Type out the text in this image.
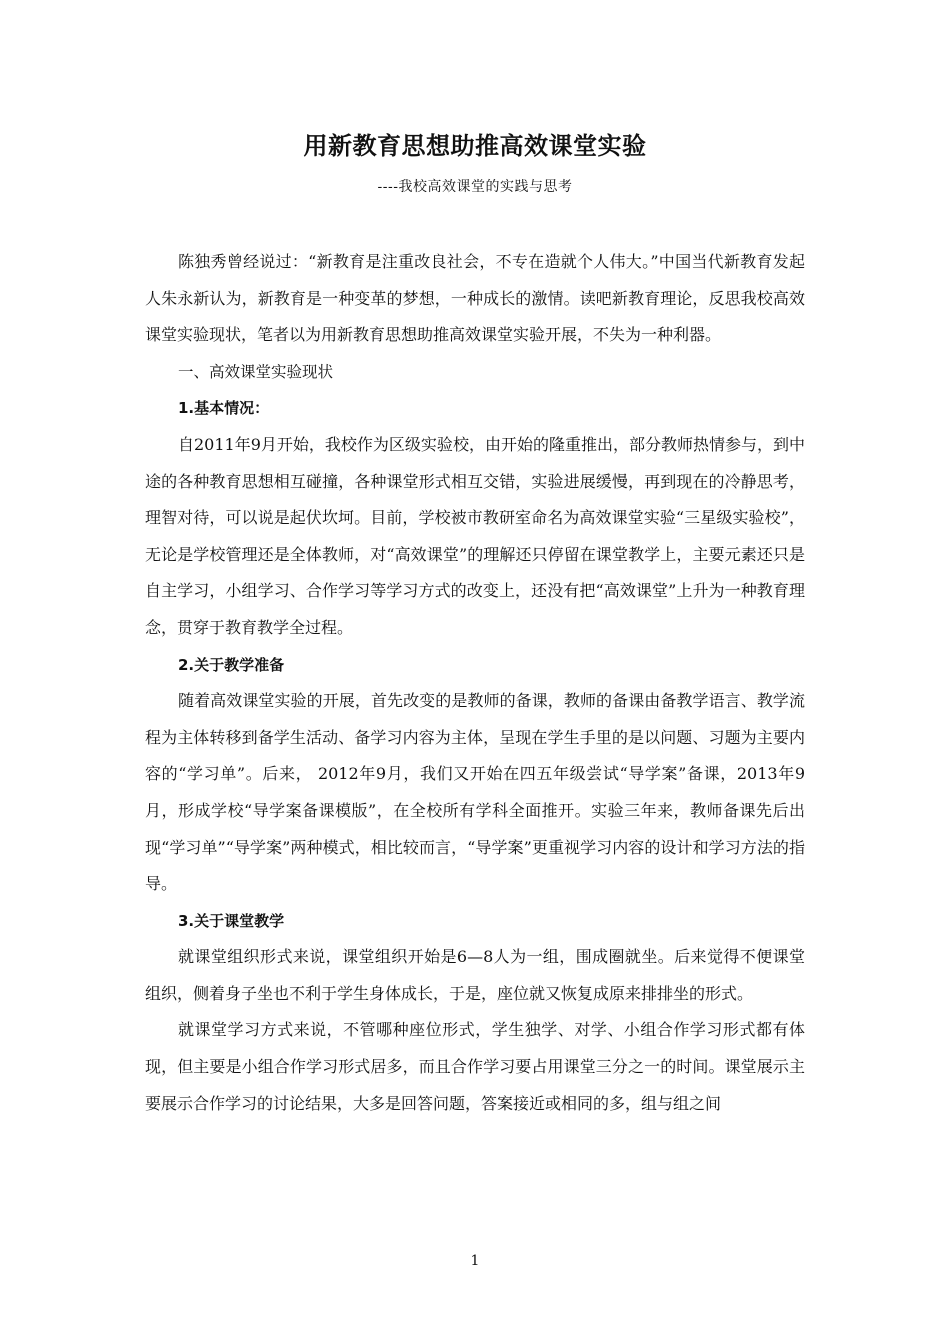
用新教育思想助推高效课堂实验
----我校高效课堂的实践与思考

陈独秀曾经说过：“新教育是注重改良社会，不专在造就个人伟大。”中国当代新教育发起人朱永新认为，新教育是一种变革的梦想，一种成长的激情。读吧新教育理论，反思我校高效课堂实验现状，笔者以为用新教育思想助推高效课堂实验开展，不失为一种利器。

一、高效课堂实验现状

1.基本情况：

自2011年9月开始，我校作为区级实验校，由开始的隆重推出，部分教师热情参与，到中途的各种教育思想相互碰撞，各种课堂形式相互交错，实验进展缓慢，再到现在的冷静思考，理智对待，可以说是起伏坎坷。目前，学校被市教研室命名为高效课堂实验“三星级实验校”，无论是学校管理还是全体教师，对“高效课堂”的理解还只停留在课堂教学上，主要元素还只是自主学习，小组学习、合作学习等学习方式的改变上，还没有把“高效课堂”上升为一种教育理念，贯穿于教育教学全过程。

2.关于教学准备

随着高效课堂实验的开展，首先改变的是教师的备课，教师的备课由备教学语言、教学流程为主体转移到备学生活动、备学习内容为主体，呈现在学生手里的是以问题、习题为主要内容的“学习单”。后来， 2012年9月，我们又开始在四五年级尝试“导学案”备课，2013年9月，形成学校“导学案备课模版”，在全校所有学科全面推开。实验三年来，教师备课先后出现“学习单”“导学案”两种模式，相比较而言，“导学案”更重视学习内容的设计和学习方法的指导。

3.关于课堂教学

就课堂组织形式来说，课堂组织开始是6—8人为一组，围成圈就坐。后来觉得不便课堂组织，侧着身子坐也不利于学生身体成长，于是，座位就又恢复成原来排排坐的形式。

就课堂学习方式来说，不管哪种座位形式，学生独学、对学、小组合作学习形式都有体现，但主要是小组合作学习形式居多，而且合作学习要占用课堂三分之一的时间。课堂展示主要展示合作学习的讨论结果，大多是回答问题，答案接近或相同的多，组与组之间

1
